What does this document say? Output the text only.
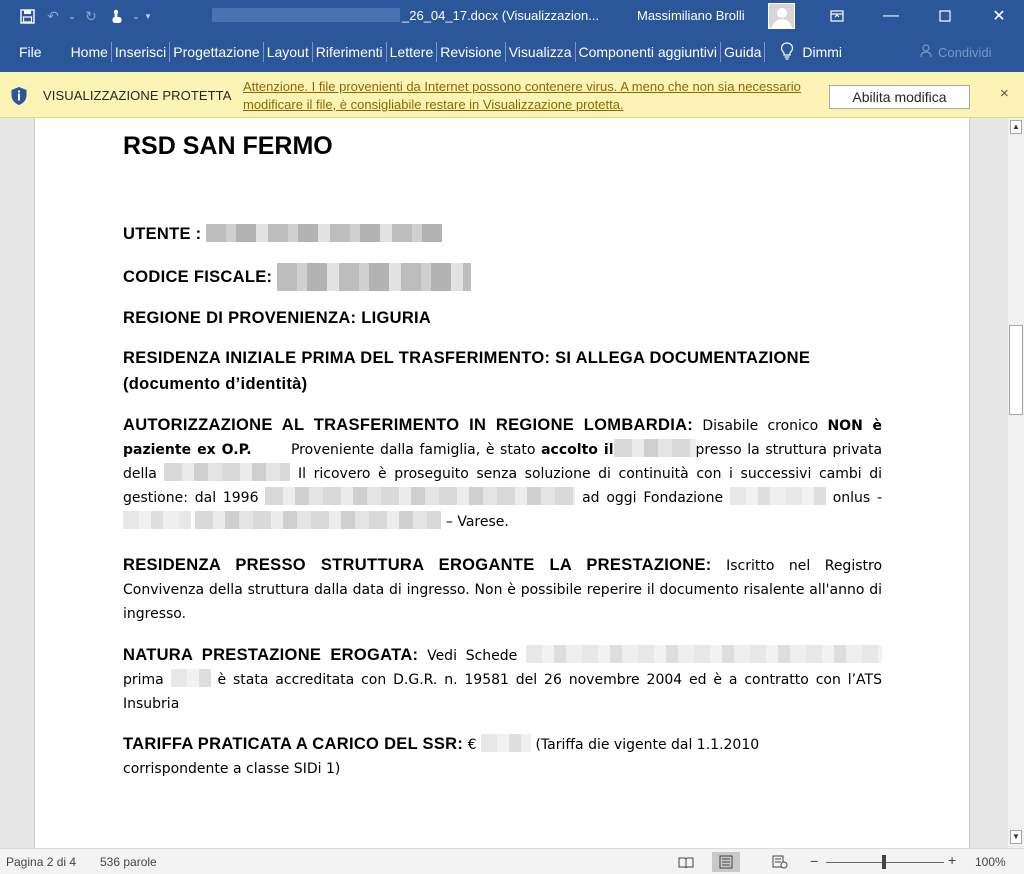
↶	⌄ ↻	⌄ ▾	_26_04_17.docx (Visualizzazion...	Massimiliano Brolli	—	✕
File Home Inserisci Progettazione Layout Riferimenti Lettere Revisione Visualizza Componenti aggiuntivi Guida	Dimmi	Condividi
VISUALIZZAZIONE PROTETTA
Attenzione. I file provenienti da Internet possono contenere virus. A meno che non sia necessario modificare il file, è consigliabile restare in Visualizzazione protetta.	Abilita modifica	×
RSD SAN FERMO
UTENTE :
CODICE FISCALE:
REGIONE DI PROVENIENZA: LIGURIA
RESIDENZA INIZIALE PRIMA DEL TRASFERIMENTO: SI ALLEGA DOCUMENTAZIONE (documento d’identità)
AUTORIZZAZIONE AL TRASFERIMENTO IN REGIONE LOMBARDIA: Disabile cronico NON è paziente ex O.P.	Proveniente dalla famiglia, è stato accolto il	presso la struttura privata della	Il ricovero è proseguito senza soluzione di continuità con i successivi cambi di gestione: dal 1996	ad oggi Fondazione	onlus -   – Varese.
RESIDENZA PRESSO STRUTTURA EROGANTE LA PRESTAZIONE: Iscritto nel Registro Convivenza della struttura dalla data di ingresso. Non è possibile reperire il documento risalente all'anno di ingresso.
NATURA PRESTAZIONE EROGATA: Vedi Schede  prima	è stata accreditata con D.G.R. n. 19581 del 26 novembre 2004 ed è a contratto con l’ATS Insubria
TARIFFA PRATICATA A CARICO DEL SSR: €	(Tariffa die vigente dal 1.1.2010
corrispondente a classe SIDi 1)
▲
▼
Pagina 2 di 4 536 parole	−	+ 100%
